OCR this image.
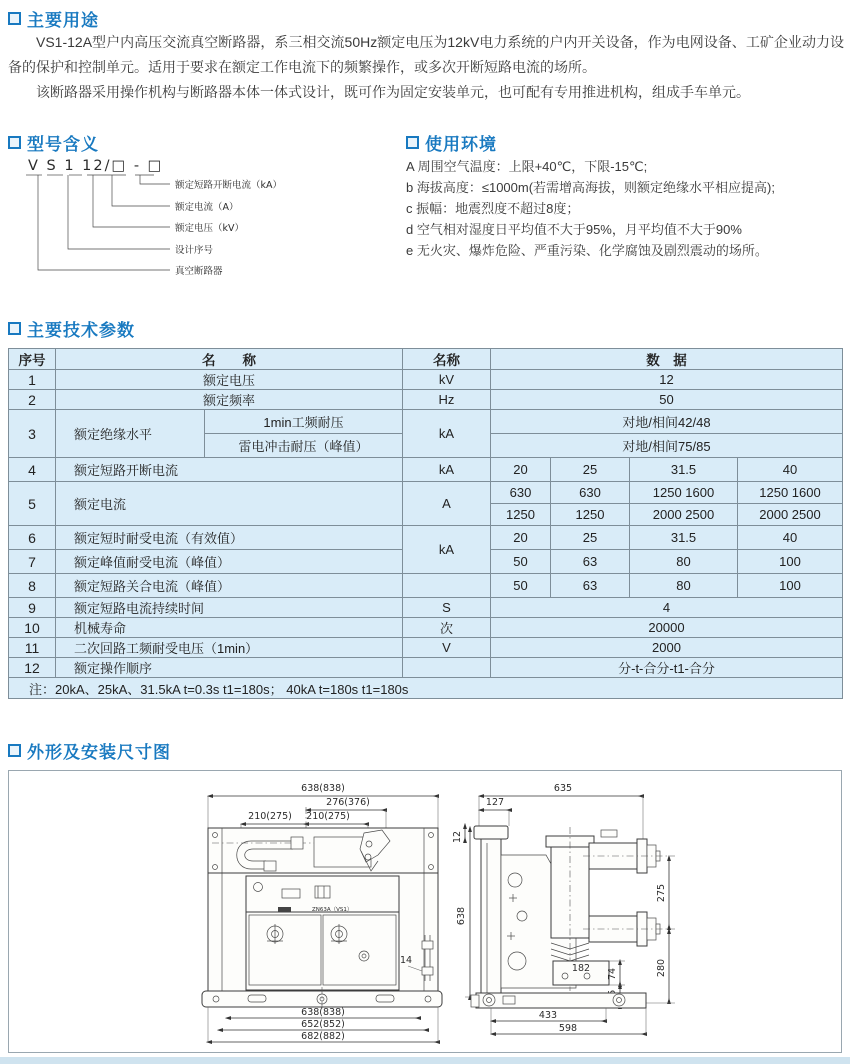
主要用途

VS1-12A型户内高压交流真空断路器，系三相交流50Hz额定电压为12kV电力系统的户内开关设备，作为电网设备、工矿企业动力设备的保护和控制单元。适用于要求在额定工作电流下的频繁操作，或多次开断短路电流的场所。

该断路器采用操作机构与断路器本体一体式设计，既可作为固定安装单元，也可配有专用推进机构，组成手车单元。

型号含义
V S 1 12/□ - □
额定短路开断电流（kA）
额定电流（A）
额定电压（kV）
设计序号
真空断路器
使用环境
A 周围空气温度：上限+40℃，下限-15℃;
b 海拔高度：≤1000m(若需增高海拔，则额定绝缘水平相应提高);
c 振幅：地震烈度不超过8度；
d 空气相对湿度日平均值不大于95%，月平均值不大于90%
e 无火灾、爆炸危险、严重污染、化学腐蚀及剧烈震动的场所。
主要技术参数
序号	名　　称		名称	数　据			
1	额定电压		kV	12			
2	额定频率		Hz	50			
3	额定绝缘水平	1min工频耐压	kA	对地/相间42/48			
		雷电冲击耐压（峰值）		对地/相间75/85			
4	额定短路开断电流		kA	20	25	31.5	40
5	额定电流		A	630	630	1250 1600	1250 1600
				1250	1250	2000 2500	2000 2500
6	额定短时耐受电流（有效值）		kA	20	25	31.5	40
7	额定峰值耐受电流（峰值）			50	63	80	100
8	额定短路关合电流（峰值）			50	63	80	100
9	额定短路电流持续时间		S	4			
10	机械寿命		次	20000			
11	二次回路工频耐受电压（1min）		V	2000			
12	额定操作顺序			分-t-合分-t1-合分			
注：20kA、25kA、31.5kA t=0.3s t1=180s； 40kA t=180s t1=180s							
外形及安装尺寸图
638(838)
276(376)
210(275) 210(275)
ZN63A（VS1）
14
638(838)
652(852)
682(882)
635
127
12
638
275
280
182 74
433
598
